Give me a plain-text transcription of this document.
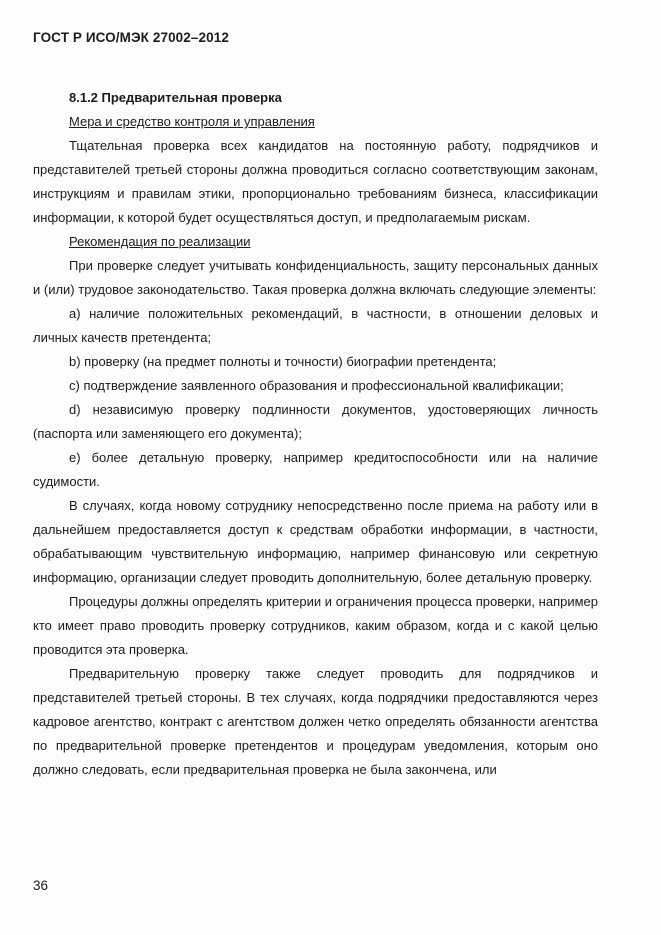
ГОСТ Р ИСО/МЭК 27002–2012

8.1.2 Предварительная проверка

Мера и средство контроля и управления

Тщательная проверка всех кандидатов на постоянную работу, подрядчиков и представителей третьей стороны должна проводиться согласно соответствующим законам, инструкциям и правилам этики, пропорционально требованиям бизнеса, классификации информации, к которой будет осуществляться доступ, и предполагаемым рискам.

Рекомендация по реализации

При проверке следует учитывать конфиденциальность, защиту персональных данных и (или) трудовое законодательство. Такая проверка должна включать следующие элементы:

а) наличие положительных рекомендаций, в частности, в отношении деловых и личных качеств претендента;

b) проверку (на предмет полноты и точности) биографии претендента;

с) подтверждение заявленного образования и профессиональной квалификации;

d) независимую проверку подлинности документов, удостоверяющих личность (паспорта или заменяющего его документа);

е) более детальную проверку, например кредитоспособности или на наличие судимости.

В случаях, когда новому сотруднику непосредственно после приема на работу или в дальнейшем предоставляется доступ к средствам обработки информации, в частности, обрабатывающим чувствительную информацию, например финансовую или секретную информацию, организации следует проводить дополнительную, более детальную проверку.

Процедуры должны определять критерии и ограничения процесса проверки, например кто имеет право проводить проверку сотрудников, каким образом, когда и с какой целью проводится эта проверка.

Предварительную проверку также следует проводить для подрядчиков и представителей третьей стороны. В тех случаях, когда подрядчики предоставляются через кадровое агентство, контракт с агентством должен четко определять обязанности агентства по предварительной проверке претендентов и процедурам уведомления, которым оно должно следовать, если предварительная проверка не была закончена, или

36
